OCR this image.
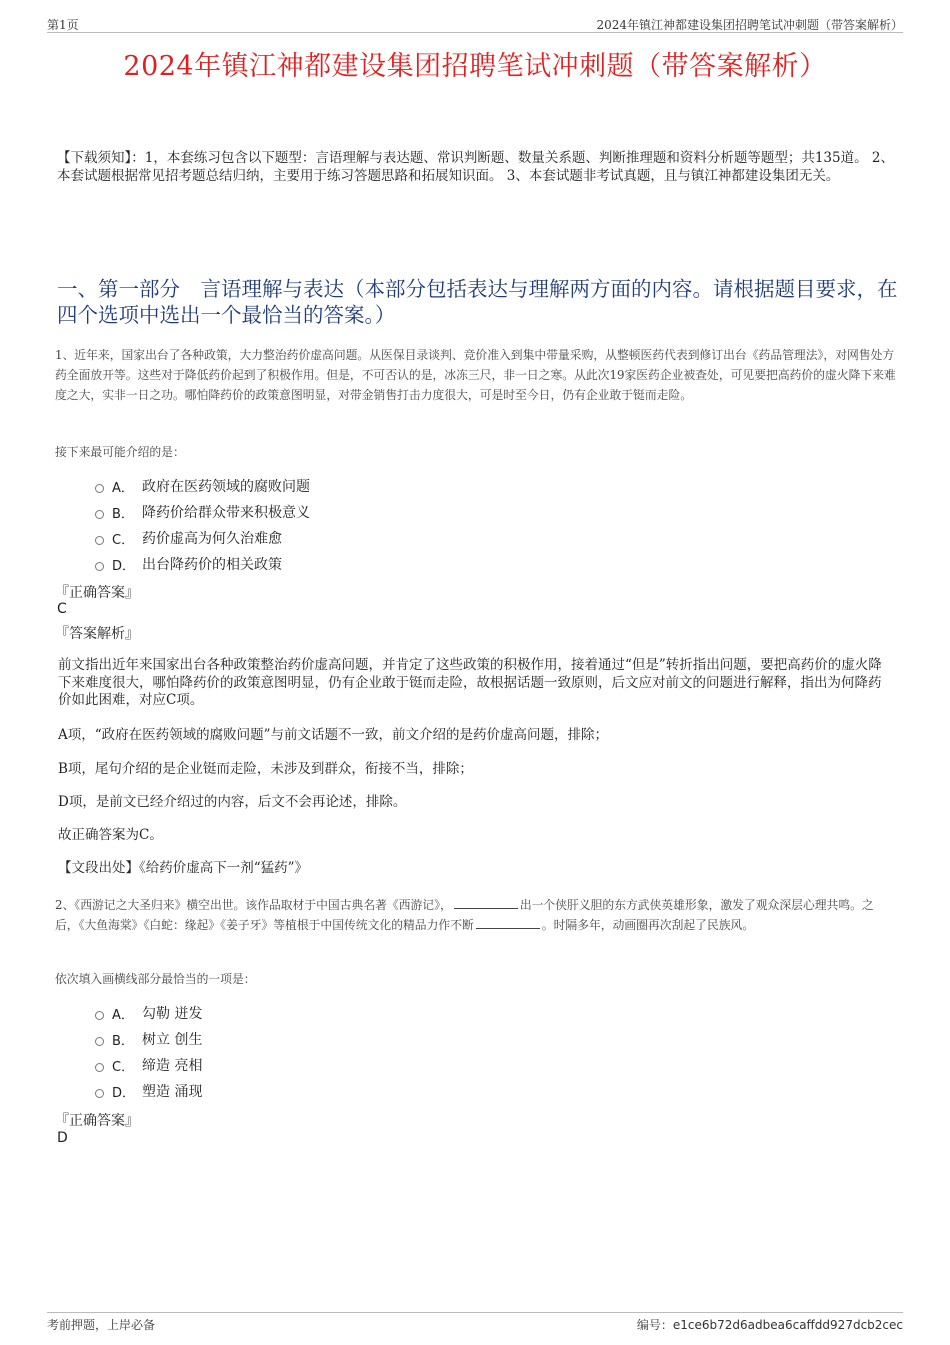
第1页	2024年镇江神都建设集团招聘笔试冲刺题（带答案解析）
2024年镇江神都建设集团招聘笔试冲刺题（带答案解析）
【下载须知】：1，本套练习包含以下题型：言语理解与表达题、常识判断题、数量关系题、判断推理题和资料分析题等题型；共135道。 2、本套试题根据常见招考题总结归纳，主要用于练习答题思路和拓展知识面。 3、本套试题非考试真题，且与镇江神都建设集团无关。
一、第一部分　言语理解与表达（本部分包括表达与理解两方面的内容。请根据题目要求，在四个选项中选出一个最恰当的答案。）
1、近年来，国家出台了各种政策，大力整治药价虚高问题。从医保目录谈判、竞价准入到集中带量采购，从整顿医药代表到修订出台《药品管理法》，对网售处方药全面放开等。这些对于降低药价起到了积极作用。但是，不可否认的是，冰冻三尺，非一日之寒。从此次19家医药企业被查处，可见要把高药价的虚火降下来难度之大，实非一日之功。哪怕降药价的政策意图明显，对带金销售打击力度很大，可是时至今日，仍有企业敢于铤而走险。
接下来最可能介绍的是：
A． 政府在医药领域的腐败问题
B． 降药价给群众带来积极意义
C． 药价虚高为何久治难愈
D． 出台降药价的相关政策
『正确答案』
C
『答案解析』
前文指出近年来国家出台各种政策整治药价虚高问题，并肯定了这些政策的积极作用，接着通过“但是”转折指出问题，要把高药价的虚火降下来难度很大，哪怕降药价的政策意图明显，仍有企业敢于铤而走险，故根据话题一致原则，后文应对前文的问题进行解释，指出为何降药价如此困难，对应C项。
A项，“政府在医药领域的腐败问题”与前文话题不一致，前文介绍的是药价虚高问题，排除；
B项，尾句介绍的是企业铤而走险，未涉及到群众，衔接不当，排除；
D项，是前文已经介绍过的内容，后文不会再论述，排除。
故正确答案为C。
【文段出处】《给药价虚高下一剂“猛药”》
2、《西游记之大圣归来》横空出世。该作品取材于中国古典名著《西游记》，	出一个侠肝义胆的东方武侠英雄形象，激发了观众深层心理共鸣。之后，《大鱼海棠》《白蛇：缘起》《姜子牙》等植根于中国传统文化的精品力作不断	。时隔多年，动画圈再次刮起了民族风。
依次填入画横线部分最恰当的一项是：
A． 勾勒 迸发
B． 树立 创生
C． 缔造 亮相
D． 塑造 涌现
『正确答案』
D
考前押题，上岸必备	编号：e1ce6b72d6adbea6caffdd927dcb2cec
